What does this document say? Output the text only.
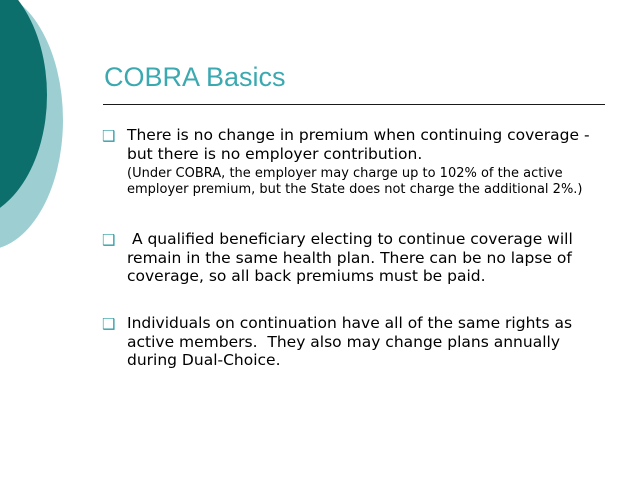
COBRA Basics
❑ There is no change in premium when continuing coverage - but there is no employer contribution.
(Under COBRA, the employer may charge up to 102% of the active employer premium, but the State does not charge the additional 2%.)
❑ A qualified beneficiary electing to continue coverage will remain in the same health plan. There can be no lapse of coverage, so all back premiums must be paid.
❑ Individuals on continuation have all of the same rights as active members.  They also may change plans annually during Dual-Choice.
